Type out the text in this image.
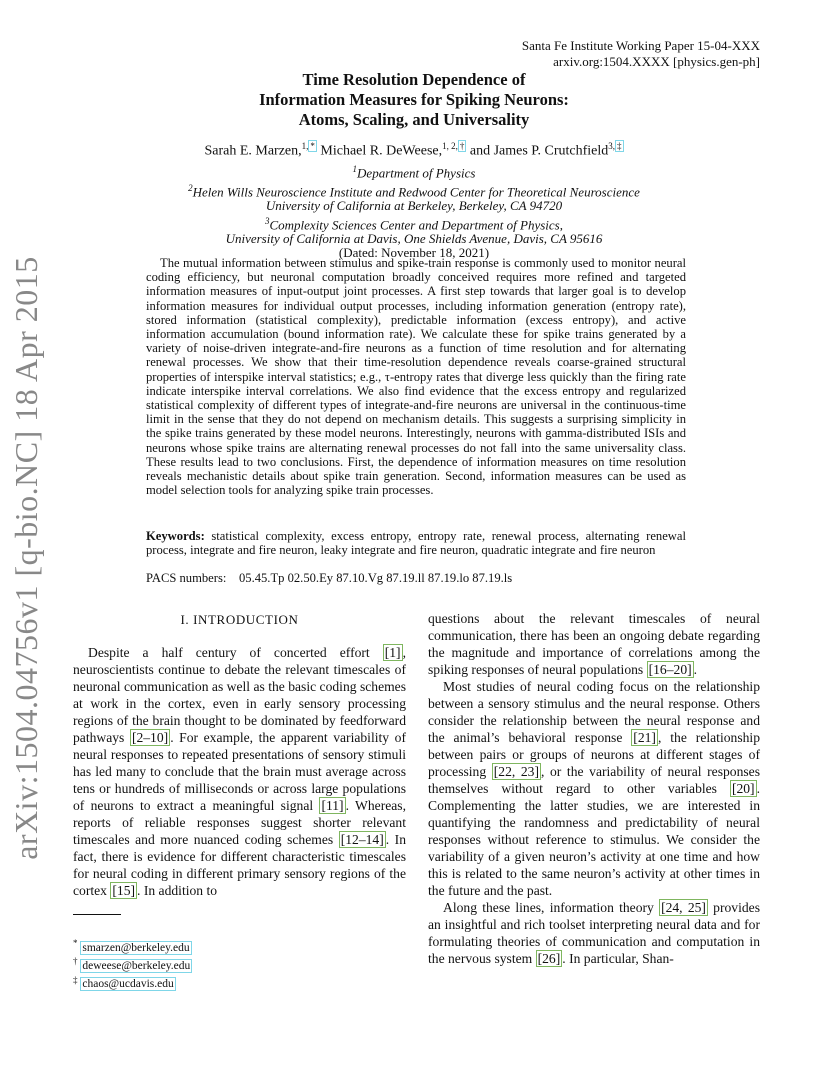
arXiv:1504.04756v1 [q-bio.NC] 18 Apr 2015
Santa Fe Institute Working Paper 15-04-XXX
arxiv.org:1504.XXXX [physics.gen-ph]
Time Resolution Dependence of
Information Measures for Spiking Neurons:
Atoms, Scaling, and Universality
Sarah E. Marzen,$^{1, *}$ Michael R. DeWeese,$^{1, 2, \dagger}$ and James P. Crutchfield$^{3, \ddagger}$
$^1$Department of Physics
$^2$Helen Wills Neuroscience Institute and Redwood Center for Theoretical Neuroscience
University of California at Berkeley, Berkeley, CA 94720
$^3$Complexity Sciences Center and Department of Physics,
University of California at Davis, One Shields Avenue, Davis, CA 95616
(Dated: November 18, 2021)

The mutual information between stimulus and spike-train response is commonly used to monitor neural coding efficiency, but neuronal computation broadly conceived requires more refined and targeted information measures of input-output joint processes. A first step towards that larger goal is to develop information measures for individual output processes, including information generation (entropy rate), stored information (statistical complexity), predictable information (excess entropy), and active information accumulation (bound information rate). We calculate these for spike trains generated by a variety of noise-driven integrate-and-fire neurons as a function of time resolution and for alternating renewal processes. We show that their time-resolution dependence reveals coarse-grained structural properties of interspike interval statistics; e.g., τ-entropy rates that diverge less quickly than the firing rate indicate interspike interval correlations. We also find evidence that the excess entropy and regularized statistical complexity of different types of integrate-and-fire neurons are universal in the continuous-time limit in the sense that they do not depend on mechanism details. This suggests a surprising simplicity in the spike trains generated by these model neurons. Interestingly, neurons with gamma-distributed ISIs and neurons whose spike trains are alternating renewal processes do not fall into the same universality class. These results lead to two conclusions. First, the dependence of information measures on time resolution reveals mechanistic details about spike train generation. Second, information measures can be used as model selection tools for analyzing spike train processes.

Keywords: statistical complexity, excess entropy, entropy rate, renewal process, alternating renewal process, integrate and fire neuron, leaky integrate and fire neuron, quadratic integrate and fire neuron
PACS numbers: 05.45.Tp 02.50.Ey 87.10.Vg 87.19.ll 87.19.lo 87.19.ls
I. INTRODUCTION

Despite a half century of concerted effort [1] , neuroscientists continue to debate the relevant timescales of neuronal communication as well as the basic coding schemes at work in the cortex, even in early sensory processing regions of the brain thought to be dominated by feedforward pathways [2–10] . For example, the apparent variability of neural responses to repeated presentations of sensory stimuli has led many to conclude that the brain must average across tens or hundreds of milliseconds or across large populations of neurons to extract a meaningful signal [11] . Whereas, reports of reliable responses suggest shorter relevant timescales and more nuanced coding schemes [12–14] . In fact, there is evidence for different characteristic timescales for neural coding in different primary sensory regions of the cortex [15] . In addition to

questions about the relevant timescales of neural communication, there has been an ongoing debate regarding the magnitude and importance of correlations among the spiking responses of neural populations [16–20] .

Most studies of neural coding focus on the relationship between a sensory stimulus and the neural response. Others consider the relationship between the neural response and the animal’s behavioral response [21] , the relationship between pairs or groups of neurons at different stages of processing [22, 23] , or the variability of neural responses themselves without regard to other variables [20] . Complementing the latter studies, we are interested in quantifying the randomness and predictability of neural responses without reference to stimulus. We consider the variability of a given neuron’s activity at one time and how this is related to the same neuron’s activity at other times in the future and the past.

Along these lines, information theory [24, 25] provides an insightful and rich toolset interpreting neural data and for formulating theories of communication and computation in the nervous system [26] . In particular, Shan-

* smarzen@berkeley.edu
† deweese@berkeley.edu
‡ chaos@ucdavis.edu
